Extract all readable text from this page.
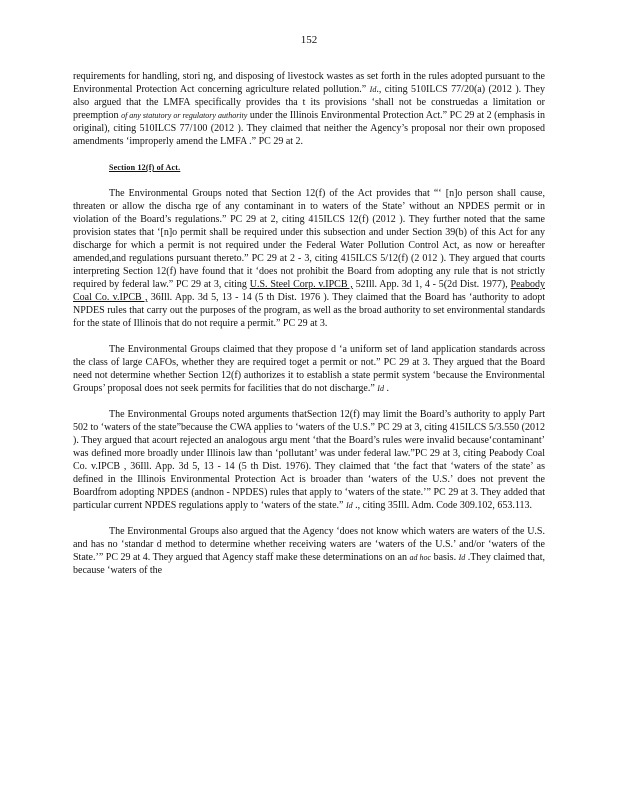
152

requirements for handling, stori ng, and disposing of livestock wastes as set forth in the rules adopted pursuant to the Environmental Protection Act concerning agriculture related pollution.” Id., citing 510ILCS 77/20(a) (2012 ). They also argued that the LMFA specifically provides tha t its provisions ‘shall not be construedas a limitation or preemption of any statutory or regulatory authority under the Illinois Environmental Protection Act.” PC 29 at 2 (emphasis in original), citing 510ILCS 77/100 (2012 ). They claimed that neither the Agency’s proposal nor their own proposed amendments ‘improperly amend the LMFA .” PC 29 at 2.

Section 12(f) of Act.

The Environmental Groups noted that Section 12(f) of the Act provides that “‘ [n]o person shall cause, threaten or allow the discha rge of any contaminant in to waters of the State’ without an NPDES permit or in violation of the Board’s regulations.” PC 29 at 2, citing 415ILCS 12(f) (2012 ). They further noted that the same provision states that ‘[n]o permit shall be required under this subsection and under Section 39(b) of this Act for any discharge for which a permit is not required under the Federal Water Pollution Control Act, as now or hereafter amended,and regulations pursuant thereto.” PC 29 at 2 - 3, citing 415ILCS 5/12(f) (2 012 ). They argued that courts interpreting Section 12(f) have found that it ‘does not prohibit the Board from adopting any rule that is not strictly required by federal law.” PC 29 at 3, citing U.S. Steel Corp. v.IPCB , 52Ill. App. 3d 1, 4 - 5(2d Dist. 1977), Peabody Coal Co. v.IPCB , 36Ill. App. 3d 5, 13 - 14 (5 th Dist. 1976 ). They claimed that the Board has ‘authority to adopt NPDES rules that carry out the purposes of the program, as well as the broad authority to set environmental standards for the state of Illinois that do not require a permit.” PC 29 at 3.

The Environmental Groups claimed that they propose d ‘a uniform set of land application standards across the class of large CAFOs, whether they are required toget a permit or not.” PC 29 at 3. They argued that the Board need not determine whether Section 12(f) authorizes it to establish a state permit system ‘because the Environmental Groups’ proposal does not seek permits for facilities that do not discharge.” Id .

The Environmental Groups noted arguments thatSection 12(f) may limit the Board’s authority to apply Part 502 to ‘waters of the state”because the CWA applies to ‘waters of the U.S.” PC 29 at 3, citing 415ILCS 5/3.550 (2012 ). They argued that acourt rejected an analogous argu ment ‘that the Board’s rules were invalid because‘contaminant’ was defined more broadly under Illinois law than ‘pollutant’ was under federal law.”PC 29 at 3, citing Peabody Coal Co. v.IPCB , 36Ill. App. 3d 5, 13 - 14 (5 th Dist. 1976). They claimed that ‘the fact that ‘waters of the state’ as defined in the Illinois Environmental Protection Act is broader than ‘waters of the U.S.’ does not prevent the Boardfrom adopting NPDES (andnon - NPDES) rules that apply to ‘waters of the state.’” PC 29 at 3. They added that particular current NPDES regulations apply to ‘waters of the state.” Id ., citing 35Ill. Adm. Code 309.102, 653.113.

The Environmental Groups also argued that the Agency ‘does not know which waters are waters of the U.S. and has no ‘standar d method to determine whether receiving waters are ‘waters of the U.S.’ and/or ‘waters of the State.’” PC 29 at 4. They argued that Agency staff make these determinations on an ad hoc basis. Id .They claimed that, because ‘waters of the
